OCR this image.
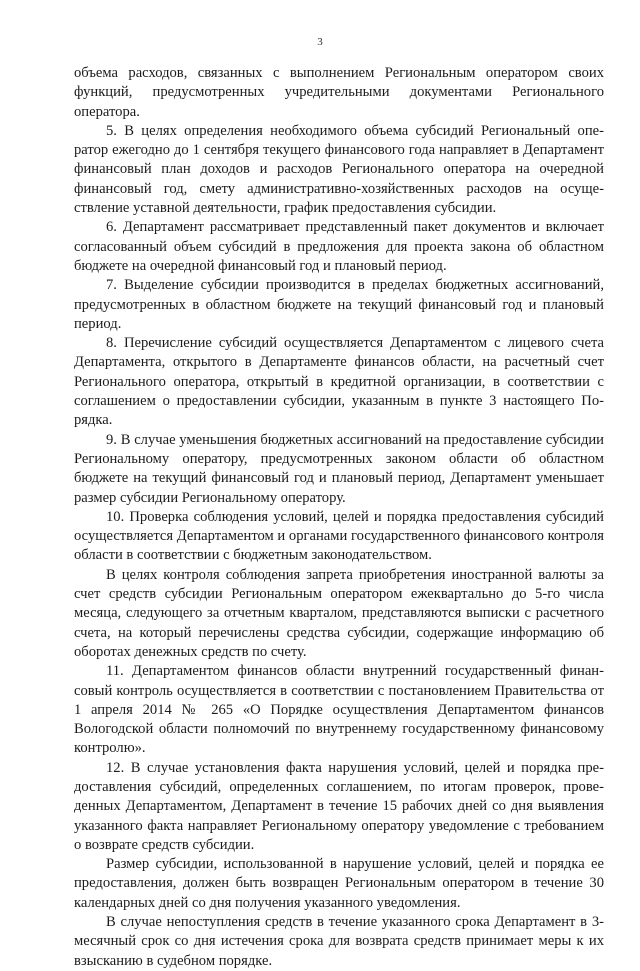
3

объема расходов, связанных с выполнением Региональным оператором своих функций, предусмотренных учредительными документами Регионального оператора.

5. В целях определения необходимого объема субсидий Региональный оператор ежегодно до 1 сентября текущего финансового года направляет в Департамент финансовый план доходов и расходов Регионального оператора на очередной финансовый год, смету административно-хозяйственных расходов на осуществление уставной деятельности, график предоставления субсидии.

6. Департамент рассматривает представленный пакет документов и включает согласованный объем субсидий в предложения для проекта закона об областном бюджете на очередной финансовый год и плановый период.

7. Выделение субсидии производится в пределах бюджетных ассигнований, предусмотренных в областном бюджете на текущий финансовый год и плановый период.

8. Перечисление субсидий осуществляется Департаментом с лицевого счета Департамента, открытого в Департаменте финансов области, на расчетный счет Регионального оператора, открытый в кредитной организации, в соответствии с соглашением о предоставлении субсидии, указанным в пункте 3 настоящего Порядка.

9. В случае уменьшения бюджетных ассигнований на предоставление субсидии Региональному оператору, предусмотренных законом области об областном бюджете на текущий финансовый год и плановый период, Департамент уменьшает размер субсидии Региональному оператору.

10. Проверка соблюдения условий, целей и порядка предоставления субсидий осуществляется Департаментом и органами государственного финансового контроля области в соответствии с бюджетным законодательством.

В целях контроля соблюдения запрета приобретения иностранной валюты за счет средств субсидии Региональным оператором ежеквартально до 5-го числа месяца, следующего за отчетным кварталом, представляются выписки с расчетного счета, на который перечислены средства субсидии, содержащие информацию об оборотах денежных средств по счету.

11. Департаментом финансов области внутренний государственный финансовый контроль осуществляется в соответствии с постановлением Правительства от 1 апреля 2014 № 265 «О Порядке осуществления Департаментом финансов Вологодской области полномочий по внутреннему государственному финансовому контролю».

12. В случае установления факта нарушения условий, целей и порядка предоставления субсидий, определенных соглашением, по итогам проверок, проведенных Департаментом, Департамент в течение 15 рабочих дней со дня выявления указанного факта направляет Региональному оператору уведомление с требованием о возврате средств субсидии.

Размер субсидии, использованной в нарушение условий, целей и порядка ее предоставления, должен быть возвращен Региональным оператором в течение 30 календарных дней со дня получения указанного уведомления.

В случае непоступления средств в течение указанного срока Департамент в 3-месячный срок со дня истечения срока для возврата средств принимает меры к их взысканию в судебном порядке.
